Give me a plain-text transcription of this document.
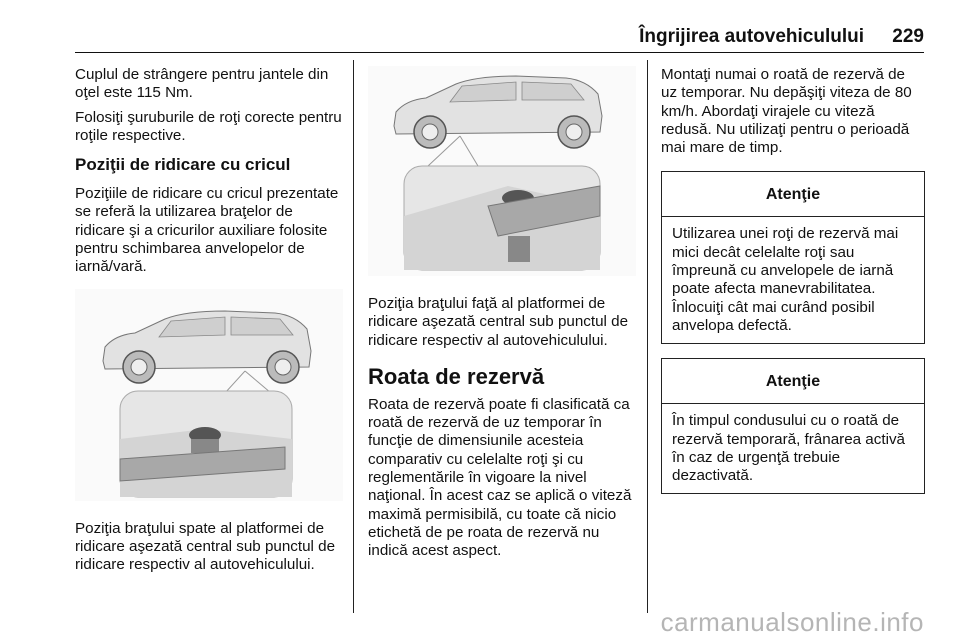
Îngrijirea autovehiculului 229

Cuplul de strângere pentru jantele din oţel este 115 Nm.

Folosiţi şuruburile de roţi corecte pentru roţile respective.

Poziţii de ridicare cu cricul

Poziţiile de ridicare cu cricul prezentate se referă la utilizarea braţelor de ridicare şi a cricurilor auxiliare folosite pentru schimbarea anvelopelor de iarnă/vară.

Poziţia braţului spate al platformei de ridicare aşezată central sub punctul de ridicare respectiv al autovehiculului.

Poziţia braţului faţă al platformei de ridicare aşezată central sub punctul de ridicare respectiv al autovehiculului.

Roata de rezervă

Roata de rezervă poate fi clasificată ca roată de rezervă de uz temporar în funcţie de dimensiunile acesteia comparativ cu celelalte roţi şi cu reglementările în vigoare la nivel naţional. În acest caz se aplică o viteză maximă permisibilă, cu toate că nicio etichetă de pe roata de rezervă nu indică acest aspect.

Montaţi numai o roată de rezervă de uz temporar. Nu depăşiţi viteza de 80 km/h. Abordaţi virajele cu viteză redusă. Nu utilizaţi pentru o perioadă mai mare de timp.

Atenţie
Utilizarea unei roţi de rezervă mai mici decât celelalte roţi sau împreună cu anvelopele de iarnă poate afecta manevrabilitatea. Înlocuiţi cât mai curând posibil anvelopa defectă.
Atenţie
În timpul condusului cu o roată de rezervă temporară, frânarea activă în caz de urgenţă trebuie dezactivată.
carmanualsonline.info
